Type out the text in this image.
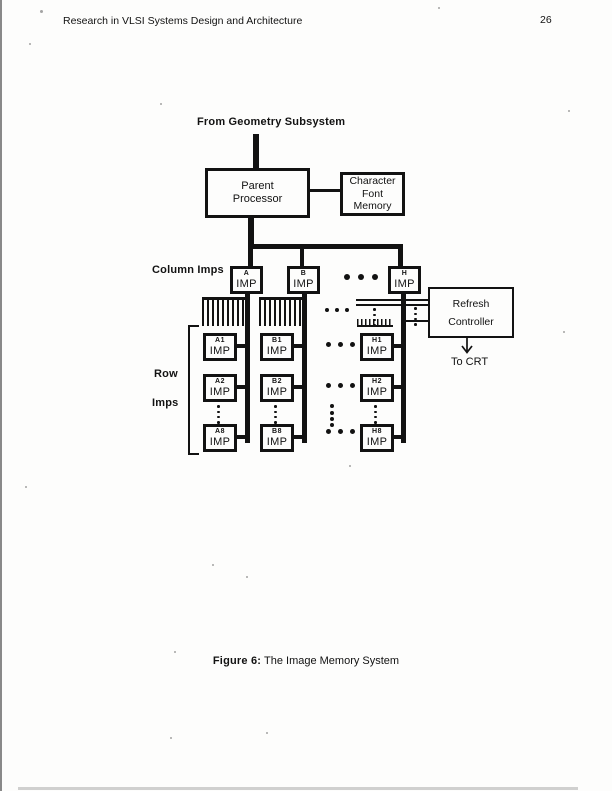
Research in VLSI Systems Design and Architecture	26
From Geometry Subsystem
Parent
Processor
Character
Font
Memory
Column Imps	A
IMP
B
IMP
H
IMP
Refresh
Controller
To CRT
Row
Imps
A1
IMP
B1
IMP
H1
IMP
A2
IMP
B2
IMP
H2
IMP
A8
IMP
B8
IMP
H8
IMP
Figure 6: The Image Memory System
